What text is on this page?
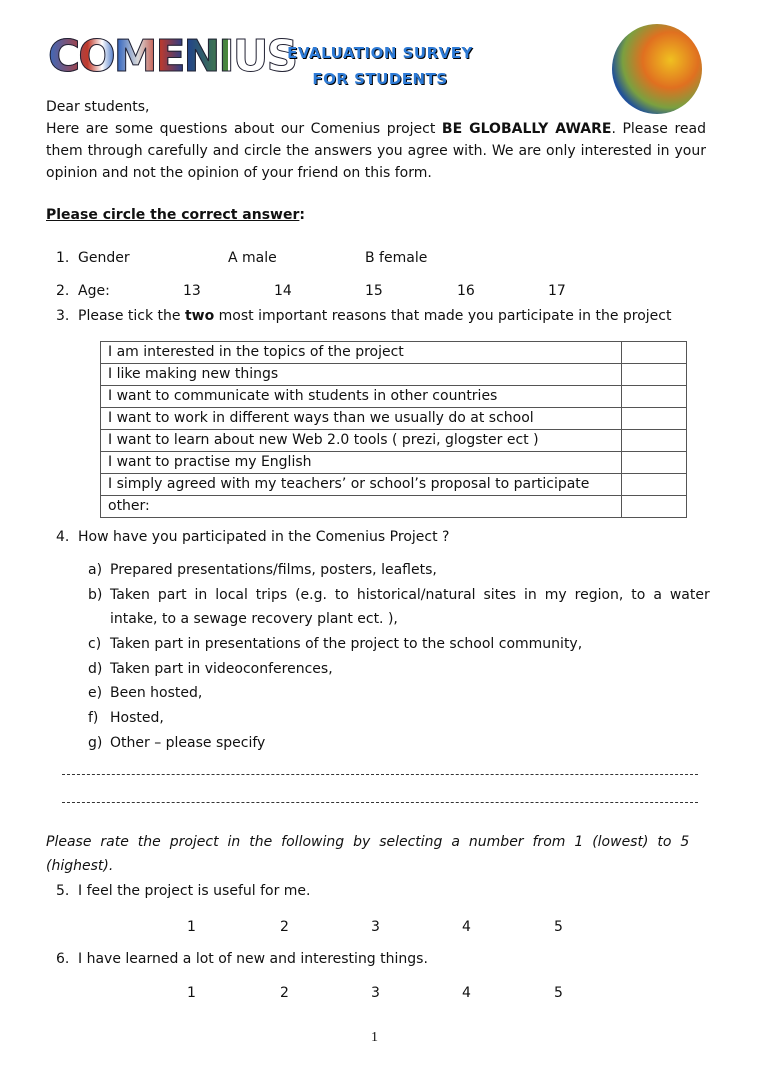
COMENIUS
EVALUATION SURVEY
FOR STUDENTS
Dear students,
Here are some questions about our Comenius project BE GLOBALLY AWARE. Please read them through carefully and circle the answers you agree with. We are only interested in your opinion and not the opinion of your friend on this form.
Please circle the correct answer:
1. Gender	A male	B female
2. Age:	13	14	15	16	17
3. Please tick the two most important reasons that made you participate in the project
I am interested in the topics of the project	
I like making new things	
I want to communicate with students in other countries	
I want to work in different ways than we usually do at school	
I want to learn about new Web 2.0 tools ( prezi, glogster ect )	
I want to practise my English	
I simply agreed with my teachers’ or school’s proposal to participate	
other:	
4. How have you participated in the Comenius Project ?
a) Prepared presentations/films, posters, leaflets,
b) Taken part in local trips (e.g. to historical/natural sites in my region, to a water
intake, to a sewage recovery plant ect. ),
c) Taken part in presentations of the project to the school community,
d) Taken part in videoconferences,
e) Been hosted,
f) Hosted,
g) Other – please specify
Please rate the project in the following by selecting a number from 1 (lowest) to 5
(highest).
5. I feel the project is useful for me.
1	2	3	4	5
6. I have learned a lot of new and interesting things.
1	2	3	4	5
1
